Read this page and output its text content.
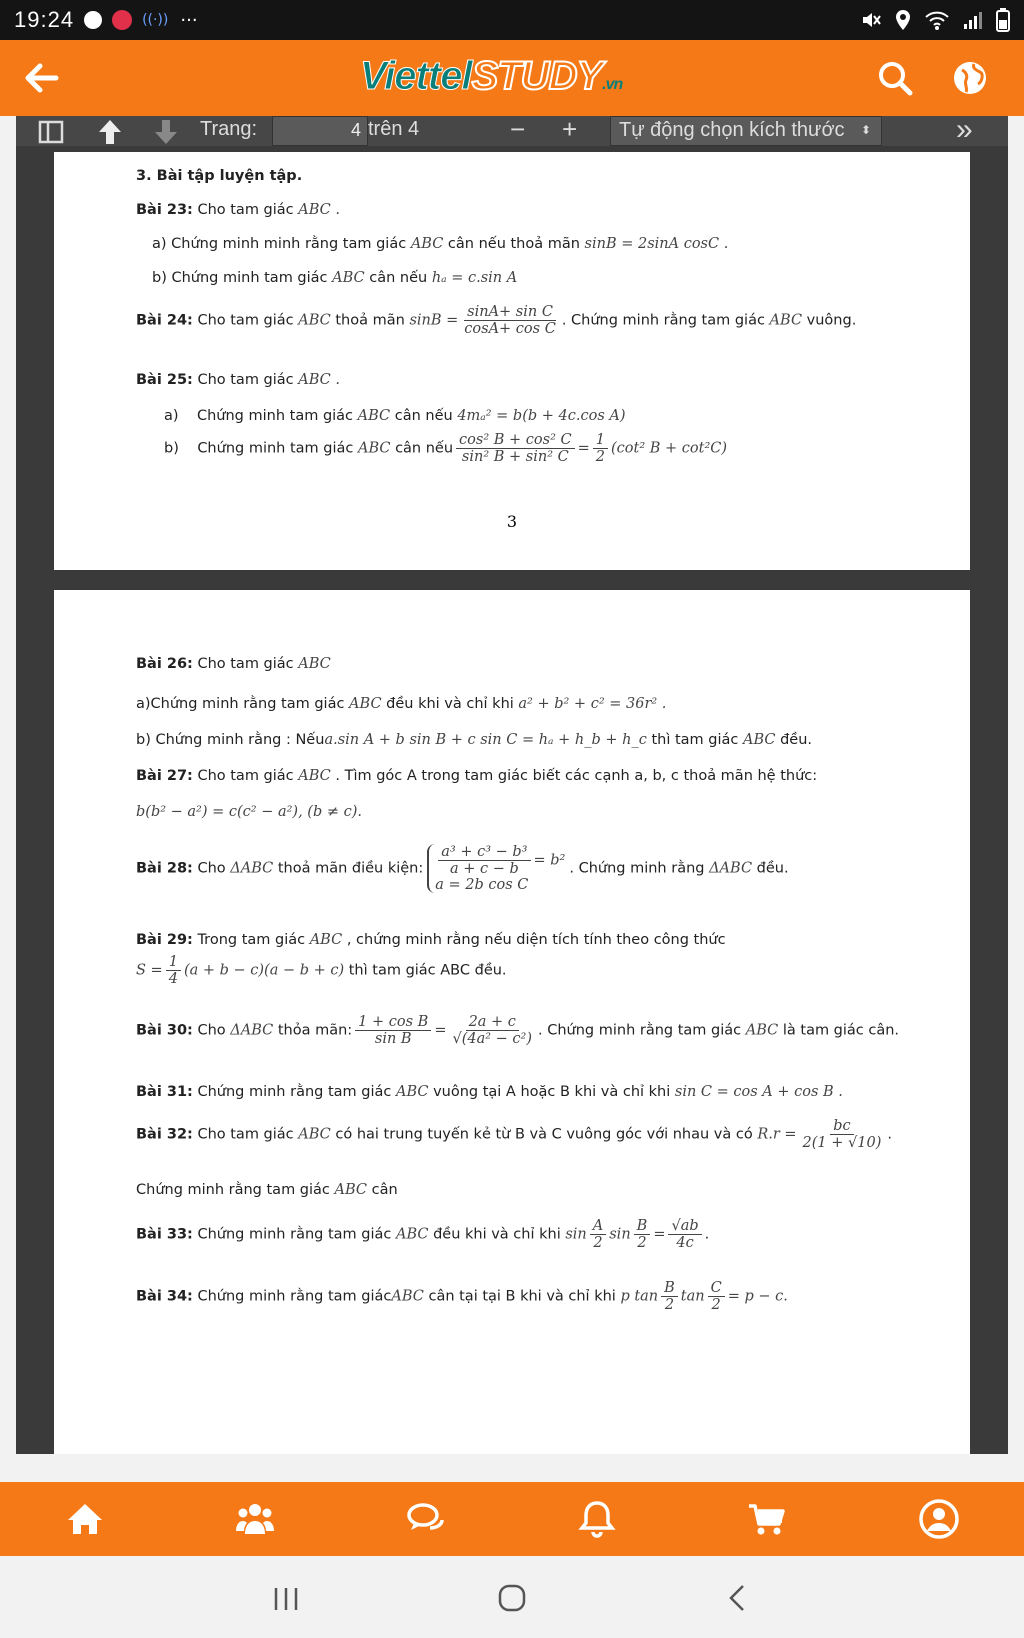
19:24	((·)) ···
ViettelSTUDY.vn
Trang:	4 trên 4	− +	Tự động chọn kích thước ⬍	»
3. Bài tập luyện tập.
Bài 23: Cho tam giác ABC .
a) Chứng minh minh rằng tam giác ABC cân nếu thoả mãn sinB = 2sinA cosC .
b) Chứng minh tam giác ABC cân nếu hₐ = c.sin A
Bài 24: Cho tam giác ABC thoả mãn $\sin B = \frac{\text{sinA+ sin C}}{\text{cosA+ cos C}}$ . Chứng minh rằng tam giác ABC vuông.
Bài 25: Cho tam giác ABC .
a) Chứng minh tam giác ABC cân nếu 4mₐ² = b(b + 4c.cos A)
b) Chứng minh tam giác ABC cân nếu $\frac{\text{cos² B + cos² C}}{\text{sin² B + sin² C}} = \frac{1}{2} (\cot^2$ B + cot²C)
3
Bài 26: Cho tam giác ABC
a)Chứng minh rằng tam giác ABC đều khi và chỉ khi a² + b² + c² = 36r² .
b) Chứng minh rằng : Nếua.sin A + b sin B + c sin C = hₐ + h_b + h_c thì tam giác ABC đều.
Bài 27: Cho tam giác ABC . Tìm góc A trong tam giác biết các cạnh a, b, c thoả mãn hệ thức:
b(b² − a²) = c(c² − a²), (b ≠ c).
Bài 28: Cho ΔABC thoả mãn điều kiện: $\frac{\text{a³ + c³ − b³}}{a + c - b} = b^2$
a = 2b cos C
. Chứng minh rằng ΔABC đều.
Bài 29: Trong tam giác ABC , chứng minh rằng nếu diện tích tính theo công thức
$S = \frac{1}{4} (a + b - c)(a - b + c)$ thì tam giác ABC đều.
Bài 30: Cho ΔABC thỏa mãn: $\frac{\text{1 + cos B}}{\text{sin B}} = \frac{2a + c}{\text{√(4a² − c²)}}$ . Chứng minh rằng tam giác ABC là tam giác cân.
Bài 31: Chứng minh rằng tam giác ABC vuông tại A hoặc B khi và chỉ khi sin C = cos A + cos B .
Bài 32: Cho tam giác ABC có hai trung tuyến kẻ từ B và C vuông góc với nhau và có $R.r = \frac{bc}{2(1 + √10)}$ .
Chứng minh rằng tam giác ABC cân
Bài 33: Chứng minh rằng tam giác ABC đều khi và chỉ khi $\sin \frac{A}{2}$ $\sin \frac{B}{2} = \frac{√ab}{4c}$ .
Bài 34: Chứng minh rằng tam giácABC cân tại tại B khi và chỉ khi p $\tan \frac{B}{2}$ $\tan \frac{C}{2} = p - c$.
